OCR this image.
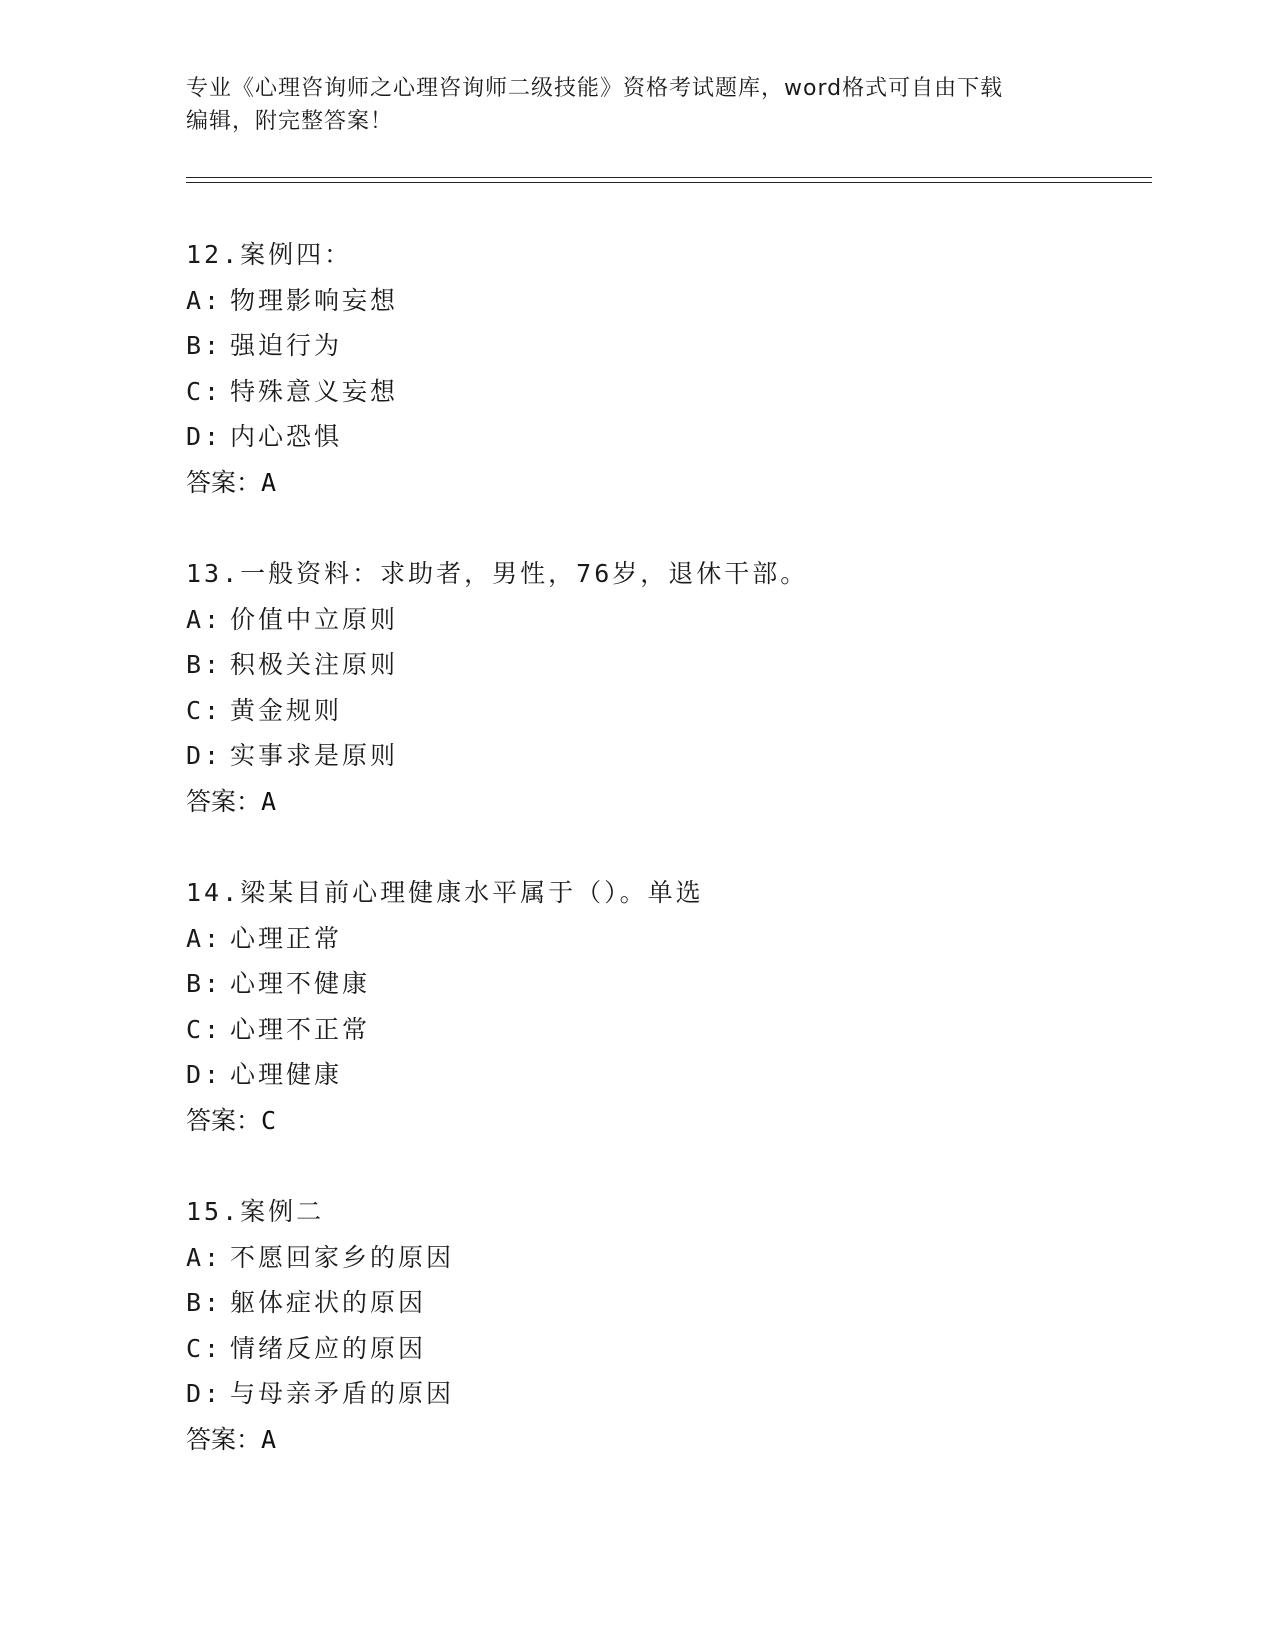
专业《心理咨询师之心理咨询师二级技能》资格考试题库，word格式可自由下载
编辑，附完整答案！
12.案例四：
A: 物理影响妄想
B: 强迫行为
C: 特殊意义妄想
D: 内心恐惧
答案：A
13.一般资料：求助者，男性，76岁，退休干部。
A: 价值中立原则
B: 积极关注原则
C: 黄金规则
D: 实事求是原则
答案：A
14.梁某目前心理健康水平属于（）。单选
A: 心理正常
B: 心理不健康
C: 心理不正常
D: 心理健康
答案：C
15.案例二
A: 不愿回家乡的原因
B: 躯体症状的原因
C: 情绪反应的原因
D: 与母亲矛盾的原因
答案：A
